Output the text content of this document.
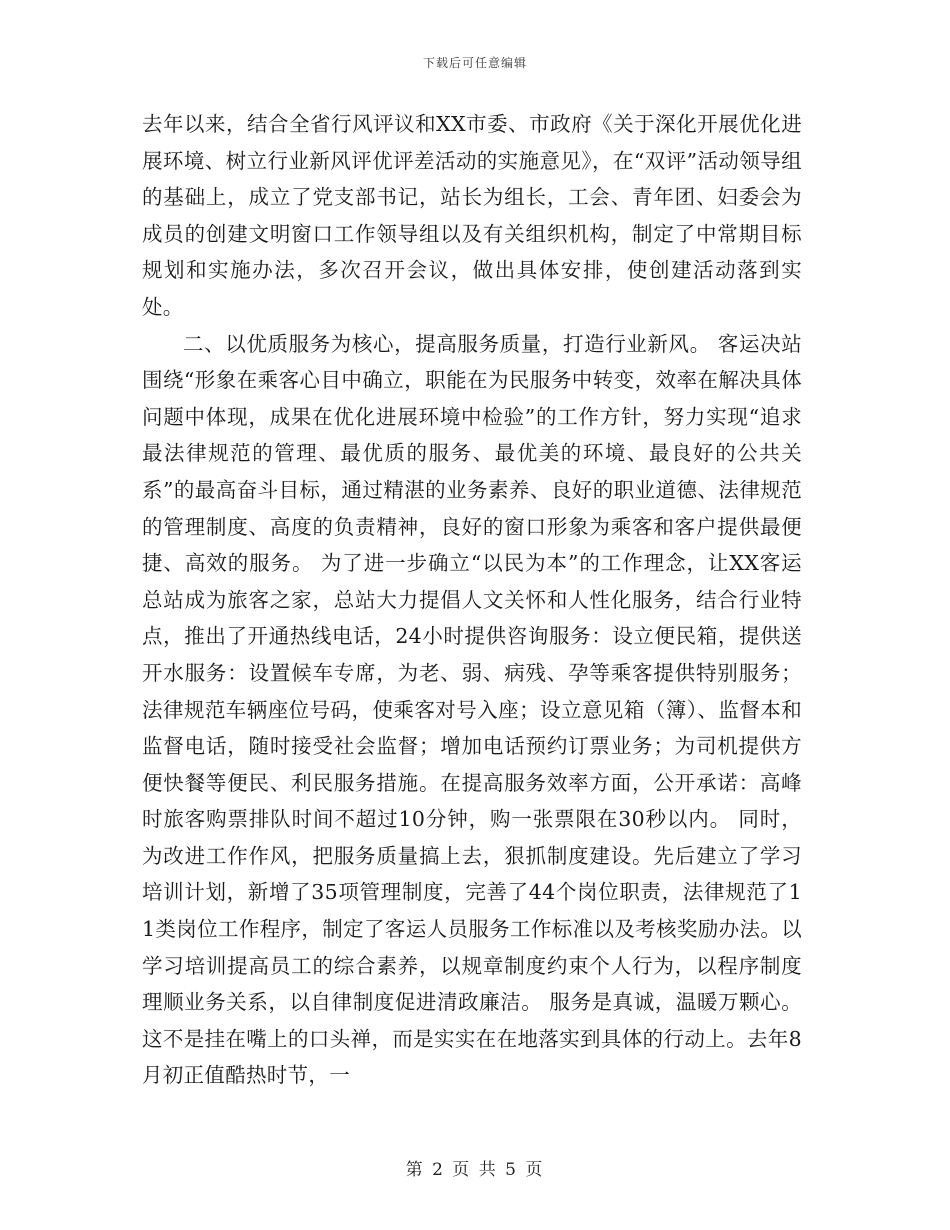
下载后可任意编辑

去年以来，结合全省行风评议和XX市委、市政府《关于深化开展优化进展环境、树立行业新风评优评差活动的实施意见》，在“双评”活动领导组的基础上，成立了党支部书记，站长为组长，工会、青年团、妇委会为成员的创建文明窗口工作领导组以及有关组织机构，制定了中常期目标规划和实施办法，多次召开会议，做出具体安排，使创建活动落到实处。

二、以优质服务为核心，提高服务质量，打造行业新风。 客运决站围绕“形象在乘客心目中确立，职能在为民服务中转变，效率在解决具体问题中体现，成果在优化进展环境中检验”的工作方针，努力实现“追求最法律规范的管理、最优质的服务、最优美的环境、最良好的公共关系”的最高奋斗目标，通过精湛的业务素养、良好的职业道德、法律规范的管理制度、高度的负责精神，良好的窗口形象为乘客和客户提供最便捷、高效的服务。 为了进一步确立“以民为本”的工作理念，让XX客运总站成为旅客之家，总站大力提倡人文关怀和人性化服务，结合行业特点，推出了开通热线电话，24小时提供咨询服务：设立便民箱，提供送开水服务：设置候车专席，为老、弱、病残、孕等乘客提供特别服务；法律规范车辆座位号码，使乘客对号入座；设立意见箱（簿）、监督本和监督电话，随时接受社会监督；增加电话预约订票业务；为司机提供方便快餐等便民、利民服务措施。在提高服务效率方面，公开承诺：高峰时旅客购票排队时间不超过10分钟，购一张票限在30秒以内。 同时，为改进工作作风，把服务质量搞上去，狠抓制度建设。先后建立了学习培训计划，新增了35项管理制度，完善了44个岗位职责，法律规范了11类岗位工作程序，制定了客运人员服务工作标准以及考核奖励办法。以学习培训提高员工的综合素养，以规章制度约束个人行为，以程序制度理顺业务关系，以自律制度促进清政廉洁。 服务是真诚，温暖万颗心。这不是挂在嘴上的口头禅，而是实实在在地落实到具体的行动上。去年8月初正值酷热时节，一

第 2 页 共 5 页
